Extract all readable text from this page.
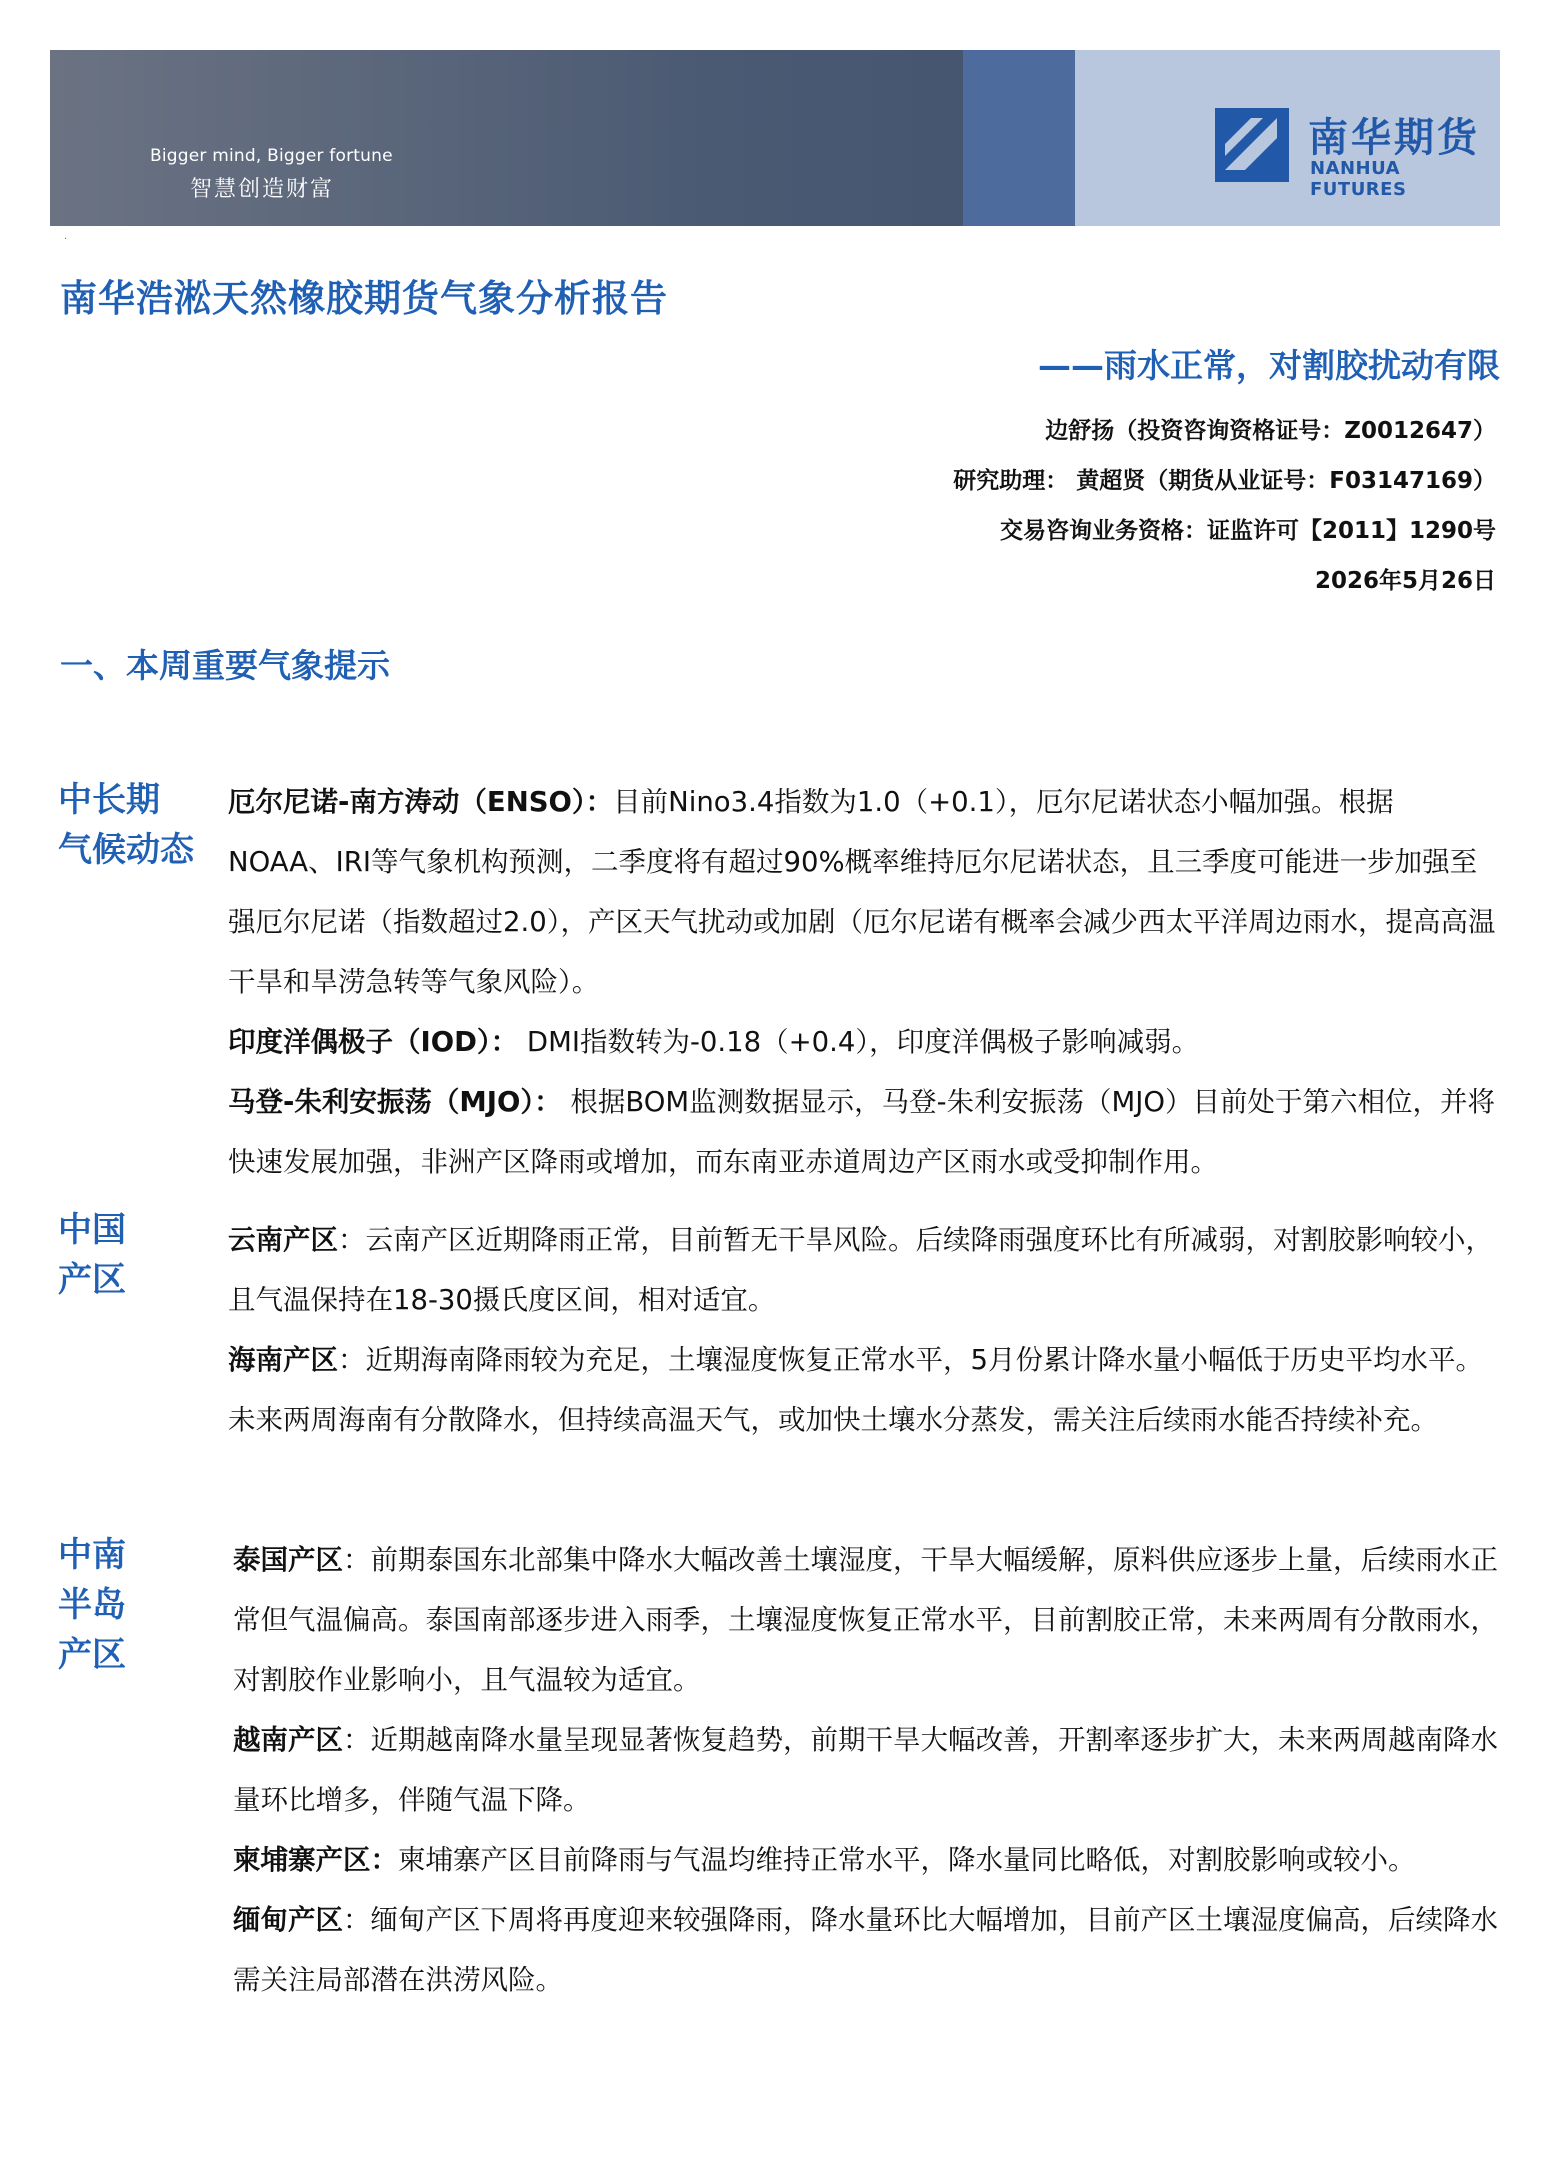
Bigger mind, Bigger fortune
智慧创造财富
南华期货
NANHUA FUTURES
·
南华浩淞天然橡胶期货气象分析报告
——雨水正常，对割胶扰动有限
边舒扬（投资咨询资格证号：Z0012647）
研究助理： 黄超贤（期货从业证号：F03147169）
交易咨询业务资格：证监许可【2011】1290号
2026年5月26日
一、本周重要气象提示
中长期
气候动态

厄尔尼诺-南方涛动（ENSO）：目前Nino3.4指数为1.0（+0.1），厄尔尼诺状态小幅加强。根据NOAA、IRI等气象机构预测，二季度将有超过90%概率维持厄尔尼诺状态，且三季度可能进一步加强至强厄尔尼诺（指数超过2.0），产区天气扰动或加剧（厄尔尼诺有概率会减少西太平洋周边雨水，提高高温干旱和旱涝急转等气象风险）。

印度洋偶极子（IOD）： DMI指数转为-0.18（+0.4），印度洋偶极子影响减弱。

马登-朱利安振荡（MJO）： 根据BOM监测数据显示，马登-朱利安振荡（MJO）目前处于第六相位，并将快速发展加强，非洲产区降雨或增加，而东南亚赤道周边产区雨水或受抑制作用。

中国
产区

云南产区：云南产区近期降雨正常，目前暂无干旱风险。后续降雨强度环比有所减弱，对割胶影响较小，且气温保持在18-30摄氏度区间，相对适宜。

海南产区：近期海南降雨较为充足，土壤湿度恢复正常水平，5月份累计降水量小幅低于历史平均水平。未来两周海南有分散降水，但持续高温天气，或加快土壤水分蒸发，需关注后续雨水能否持续补充。

中南
半岛
产区

泰国产区：前期泰国东北部集中降水大幅改善土壤湿度，干旱大幅缓解，原料供应逐步上量，后续雨水正常但气温偏高。泰国南部逐步进入雨季，土壤湿度恢复正常水平，目前割胶正常，未来两周有分散雨水，对割胶作业影响小，且气温较为适宜。

越南产区：近期越南降水量呈现显著恢复趋势，前期干旱大幅改善，开割率逐步扩大，未来两周越南降水量环比增多，伴随气温下降。

柬埔寨产区：柬埔寨产区目前降雨与气温均维持正常水平，降水量同比略低，对割胶影响或较小。

缅甸产区：缅甸产区下周将再度迎来较强降雨，降水量环比大幅增加，目前产区土壤湿度偏高，后续降水需关注局部潜在洪涝风险。
